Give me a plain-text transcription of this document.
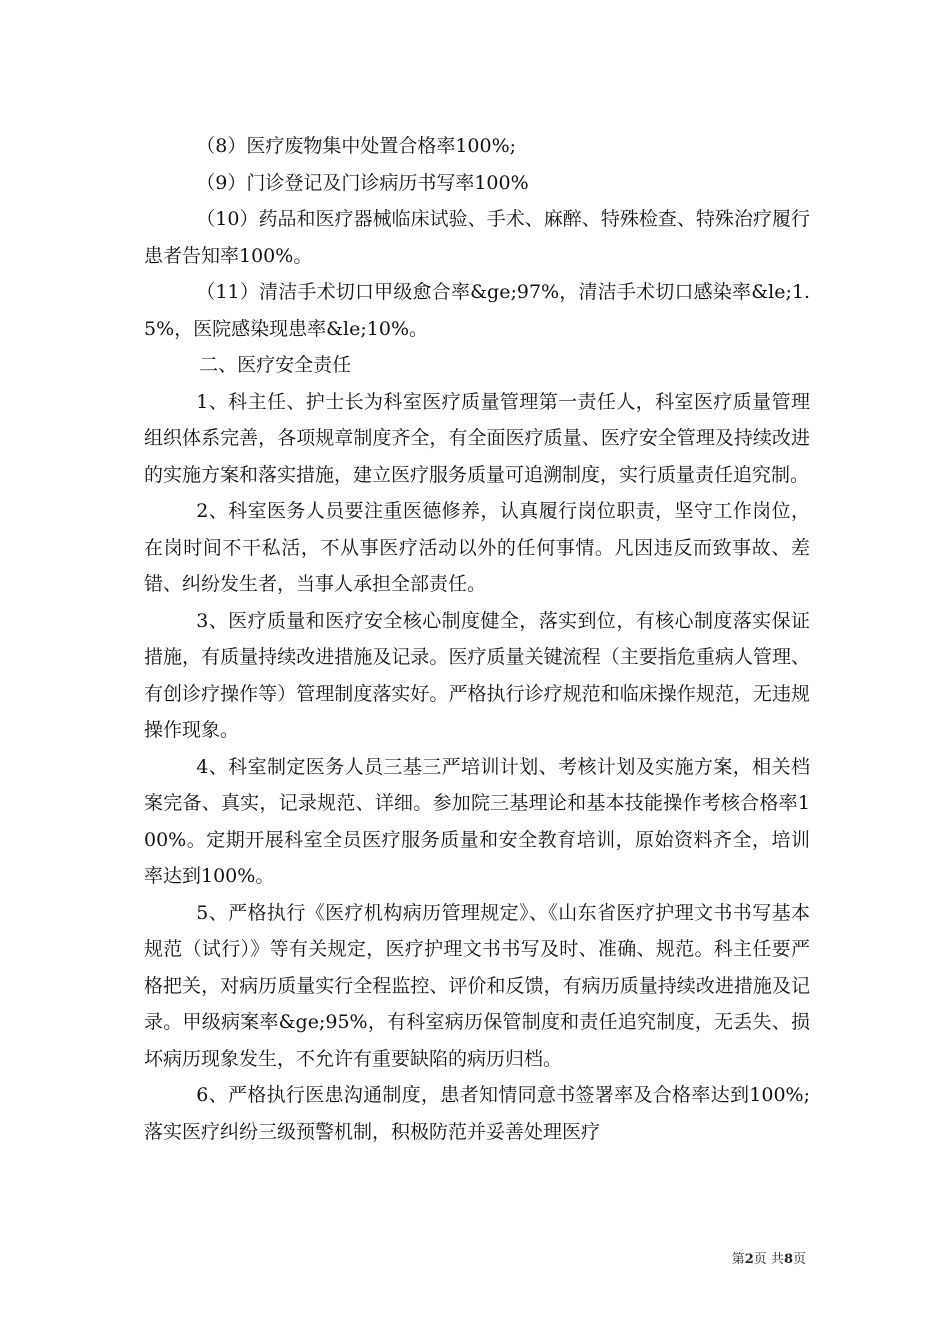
（8）医疗废物集中处置合格率100%;

（9）门诊登记及门诊病历书写率100%

（10）药品和医疗器械临床试验、手术、麻醉、特殊检查、特殊治疗履行患者告知率100%。

（11）清洁手术切口甲级愈合率&ge;97%，清洁手术切口感染率&le;1.5%，医院感染现患率&le;10%。

二、医疗安全责任

1、科主任、护士长为科室医疗质量管理第一责任人，科室医疗质量管理组织体系完善，各项规章制度齐全，有全面医疗质量、医疗安全管理及持续改进的实施方案和落实措施，建立医疗服务质量可追溯制度，实行质量责任追究制。

2、科室医务人员要注重医德修养，认真履行岗位职责，坚守工作岗位，在岗时间不干私活，不从事医疗活动以外的任何事情。凡因违反而致事故、差错、纠纷发生者，当事人承担全部责任。

3、医疗质量和医疗安全核心制度健全，落实到位，有核心制度落实保证措施，有质量持续改进措施及记录。医疗质量关键流程（主要指危重病人管理、有创诊疗操作等）管理制度落实好。严格执行诊疗规范和临床操作规范，无违规操作现象。

4、科室制定医务人员三基三严培训计划、考核计划及实施方案，相关档案完备、真实，记录规范、详细。参加院三基理论和基本技能操作考核合格率100%。定期开展科室全员医疗服务质量和安全教育培训，原始资料齐全，培训率达到100%。

5、严格执行《医疗机构病历管理规定》、《山东省医疗护理文书书写基本规范（试行）》等有关规定，医疗护理文书书写及时、准确、规范。科主任要严格把关，对病历质量实行全程监控、评价和反馈，有病历质量持续改进措施及记录。甲级病案率&ge;95%，有科室病历保管制度和责任追究制度，无丢失、损坏病历现象发生，不允许有重要缺陷的病历归档。

6、严格执行医患沟通制度，患者知情同意书签署率及合格率达到100%;落实医疗纠纷三级预警机制，积极防范并妥善处理医疗

第2页 共8页
